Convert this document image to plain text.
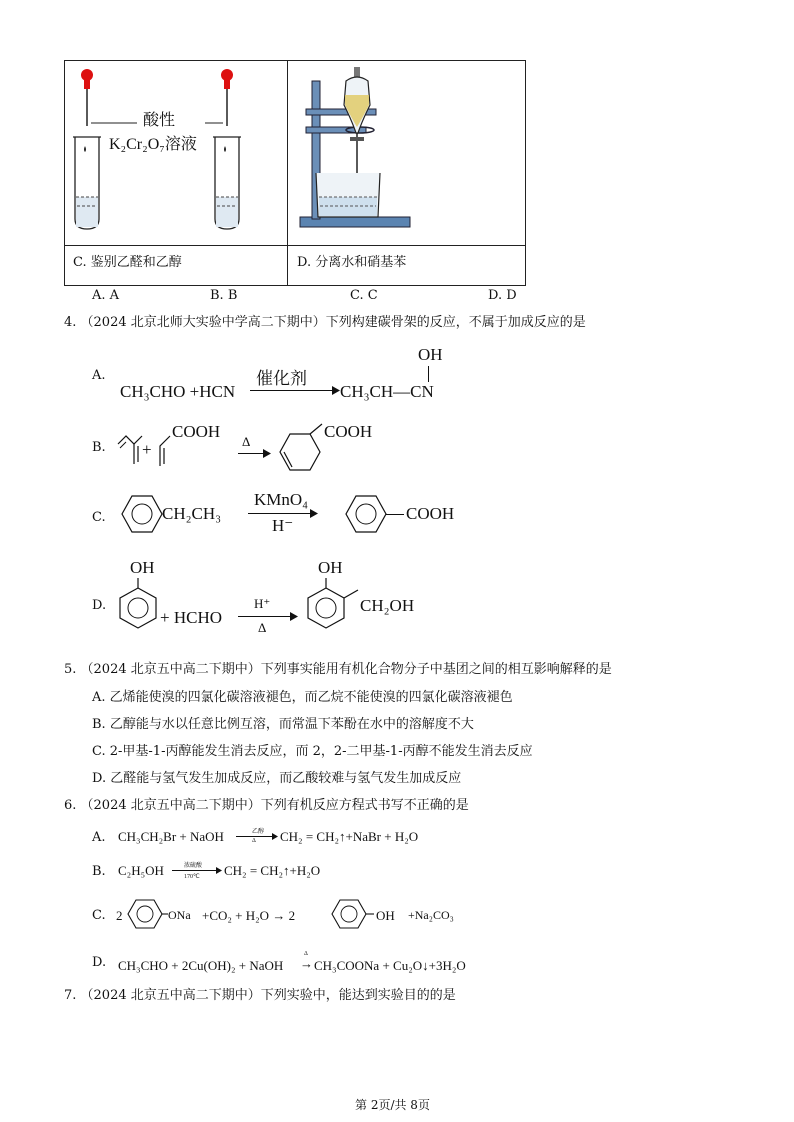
酸性
K₂Cr₂O₇溶液
C. 鉴别乙醛和乙醇	D. 分离水和硝基苯
A. A	B. B	C. C	D. D
4. （2024 北京北师大实验中学高二下期中）下列构建碳骨架的反应，不属于加成反应的是
A.
CH₃CHO +HCN
催化剂
OH
CH₃CH—CN
B. +
COOH
Δ
COOH
C.	CH₂CH₃
KMnO₄
H⁻
COOH
D.
OH
+ HCHO
H⁺
Δ
OH
CH₂OH
5. （2024 北京五中高二下期中）下列事实能用有机化合物分子中基团之间的相互影响解释的是
A. 乙烯能使溴的四氯化碳溶液褪色，而乙烷不能使溴的四氯化碳溶液褪色
B. 乙醇能与水以任意比例互溶，而常温下苯酚在水中的溶解度不大
C. 2-甲基-1-丙醇能发生消去反应，而 2，2-二甲基-1-丙醇不能发生消去反应
D. 乙醛能与氢气发生加成反应，而乙酸较难与氢气发生加成反应
6. （2024 北京五中高二下期中）下列有机反应方程式书写不正确的是
A. CH₃CH₂Br + NaOH	乙醇
Δ CH₂ = CH₂↑+NaBr + H₂O
B. C₂H₅OH	浓硫酸
170℃ CH₂ = CH₂↑+H₂O
C. 2	ONa +CO₂ + H₂O → 2	OH +Na₂CO₃
D. CH₃CHO + 2Cu(OH)₂ + NaOH
Δ
→ CH₃COONa + Cu₂O↓+3H₂O
7. （2024 北京五中高二下期中）下列实验中，能达到实验目的的是
第 2页/共 8页
